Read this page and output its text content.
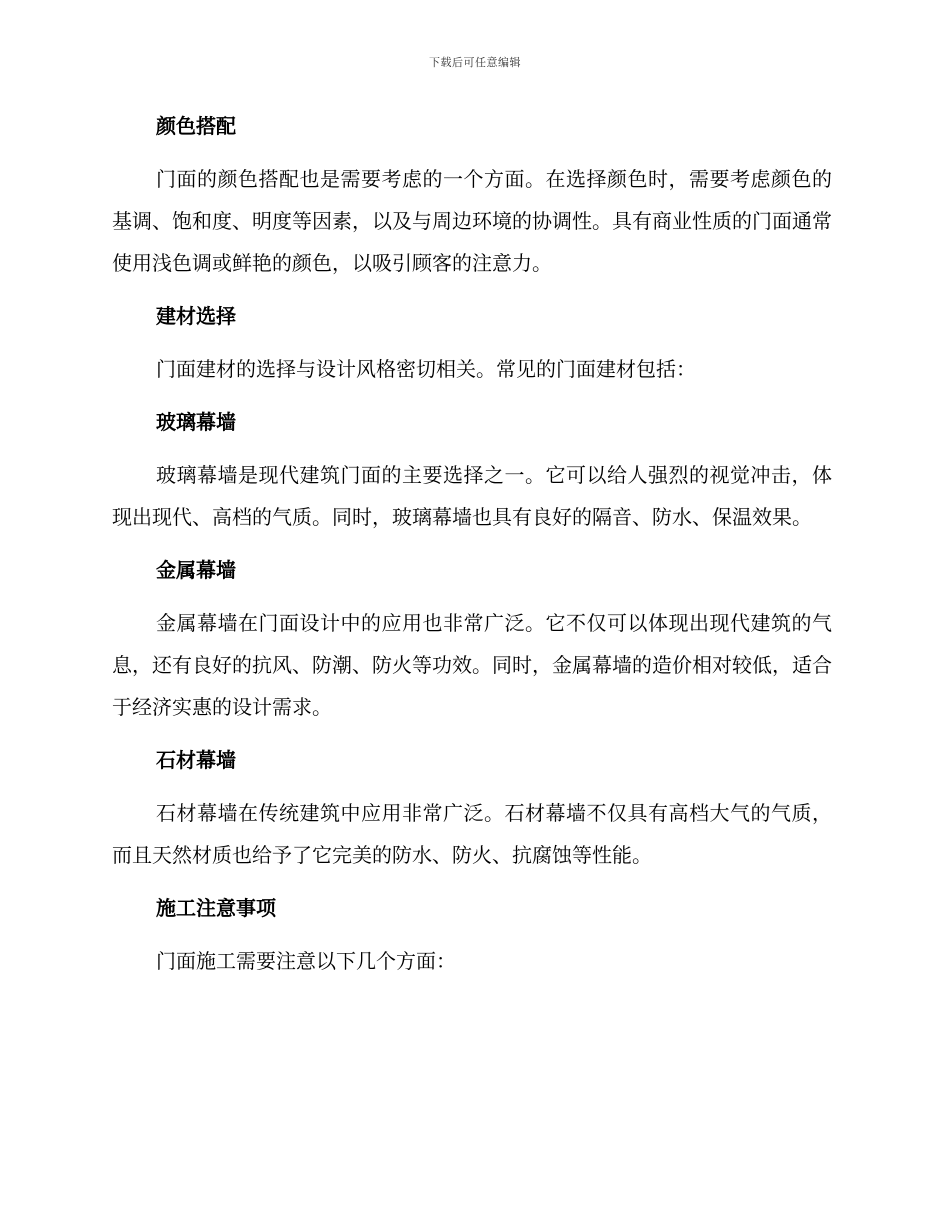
下载后可任意编辑
颜色搭配

门面的颜色搭配也是需要考虑的一个方面。在选择颜色时，需要考虑颜色的基调、饱和度、明度等因素，以及与周边环境的协调性。具有商业性质的门面通常使用浅色调或鲜艳的颜色，以吸引顾客的注意力。

建材选择

门面建材的选择与设计风格密切相关。常见的门面建材包括：

玻璃幕墙

玻璃幕墙是现代建筑门面的主要选择之一。它可以给人强烈的视觉冲击，体现出现代、高档的气质。同时，玻璃幕墙也具有良好的隔音、防水、保温效果。

金属幕墙

金属幕墙在门面设计中的应用也非常广泛。它不仅可以体现出现代建筑的气息，还有良好的抗风、防潮、防火等功效。同时，金属幕墙的造价相对较低，适合于经济实惠的设计需求。

石材幕墙

石材幕墙在传统建筑中应用非常广泛。石材幕墙不仅具有高档大气的气质，而且天然材质也给予了它完美的防水、防火、抗腐蚀等性能。

施工注意事项

门面施工需要注意以下几个方面：
